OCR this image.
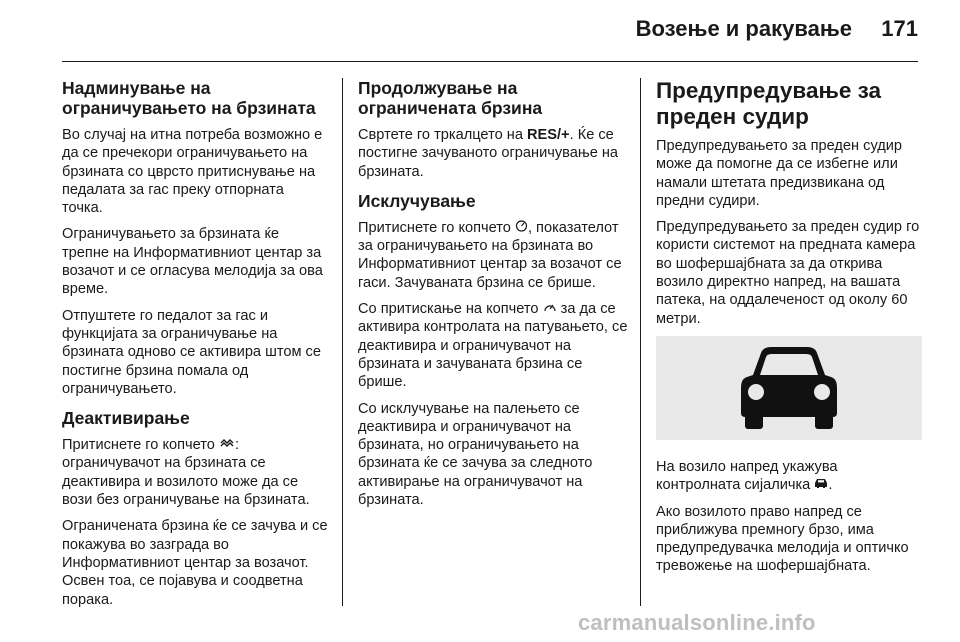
Возење и ракување 171

Надминување на ограничувањето на брзината

Во случај на итна потреба возможно е да се пречекори ограничувањето на брзината со цврсто притиснување на педалата за гас преку отпорната точка.

Ограничувањето за брзината ќе трепне на Информативниот центар за возачот и се огласува мелодија за ова време.

Отпуштете го педалот за гас и функцијата за ограничување на брзината одново се активира штом се постигне брзина помала од ограничувањето.

Деактивирање

Притиснете го копчето : ограничувачот на брзината се деактивира и возилото може да се вози без ограничување на брзината.

Ограничената брзина ќе се зачува и се покажува во зазграда во Информативниот центар за возачот. Освен тоа, се појавува и соодветна порака.

Продолжување на ограничената брзина

Свртете го тркалцето на RES/+. Ќе се постигне зачуваното ограничување на брзината.

Исклучување

Притиснете го копчето , показателот за ограничувањето на брзината во Информативниот центар за возачот се гаси. Зачуваната брзина се брише.

Со притискање на копчето  за да се активира контролата на патувањето, се деактивира и ограничувачот на брзината и зачуваната брзина се брише.

Со исклучување на палењето се деактивира и ограничувачот на брзината, но ограничувањето на брзината ќе се зачува за следното активирање на ограничувачот на брзината.

Предупредување за преден судир

Предупредувањето за преден судир може да помогне да се избегне или намали штетата предизвикана од предни судири.

Предупредувањето за преден судир го користи системот на предната камера во шофершајбната за да открива возило директно напред, на вашата патека, на оддалеченост од околу 60 метри.

На возило напред укажува контролната сијаличка .

Ако возилото право напред се приближува премногу брзо, има предупредувачка мелодија и оптичко тревожење на шофершајбната.

carmanualsonline.info
